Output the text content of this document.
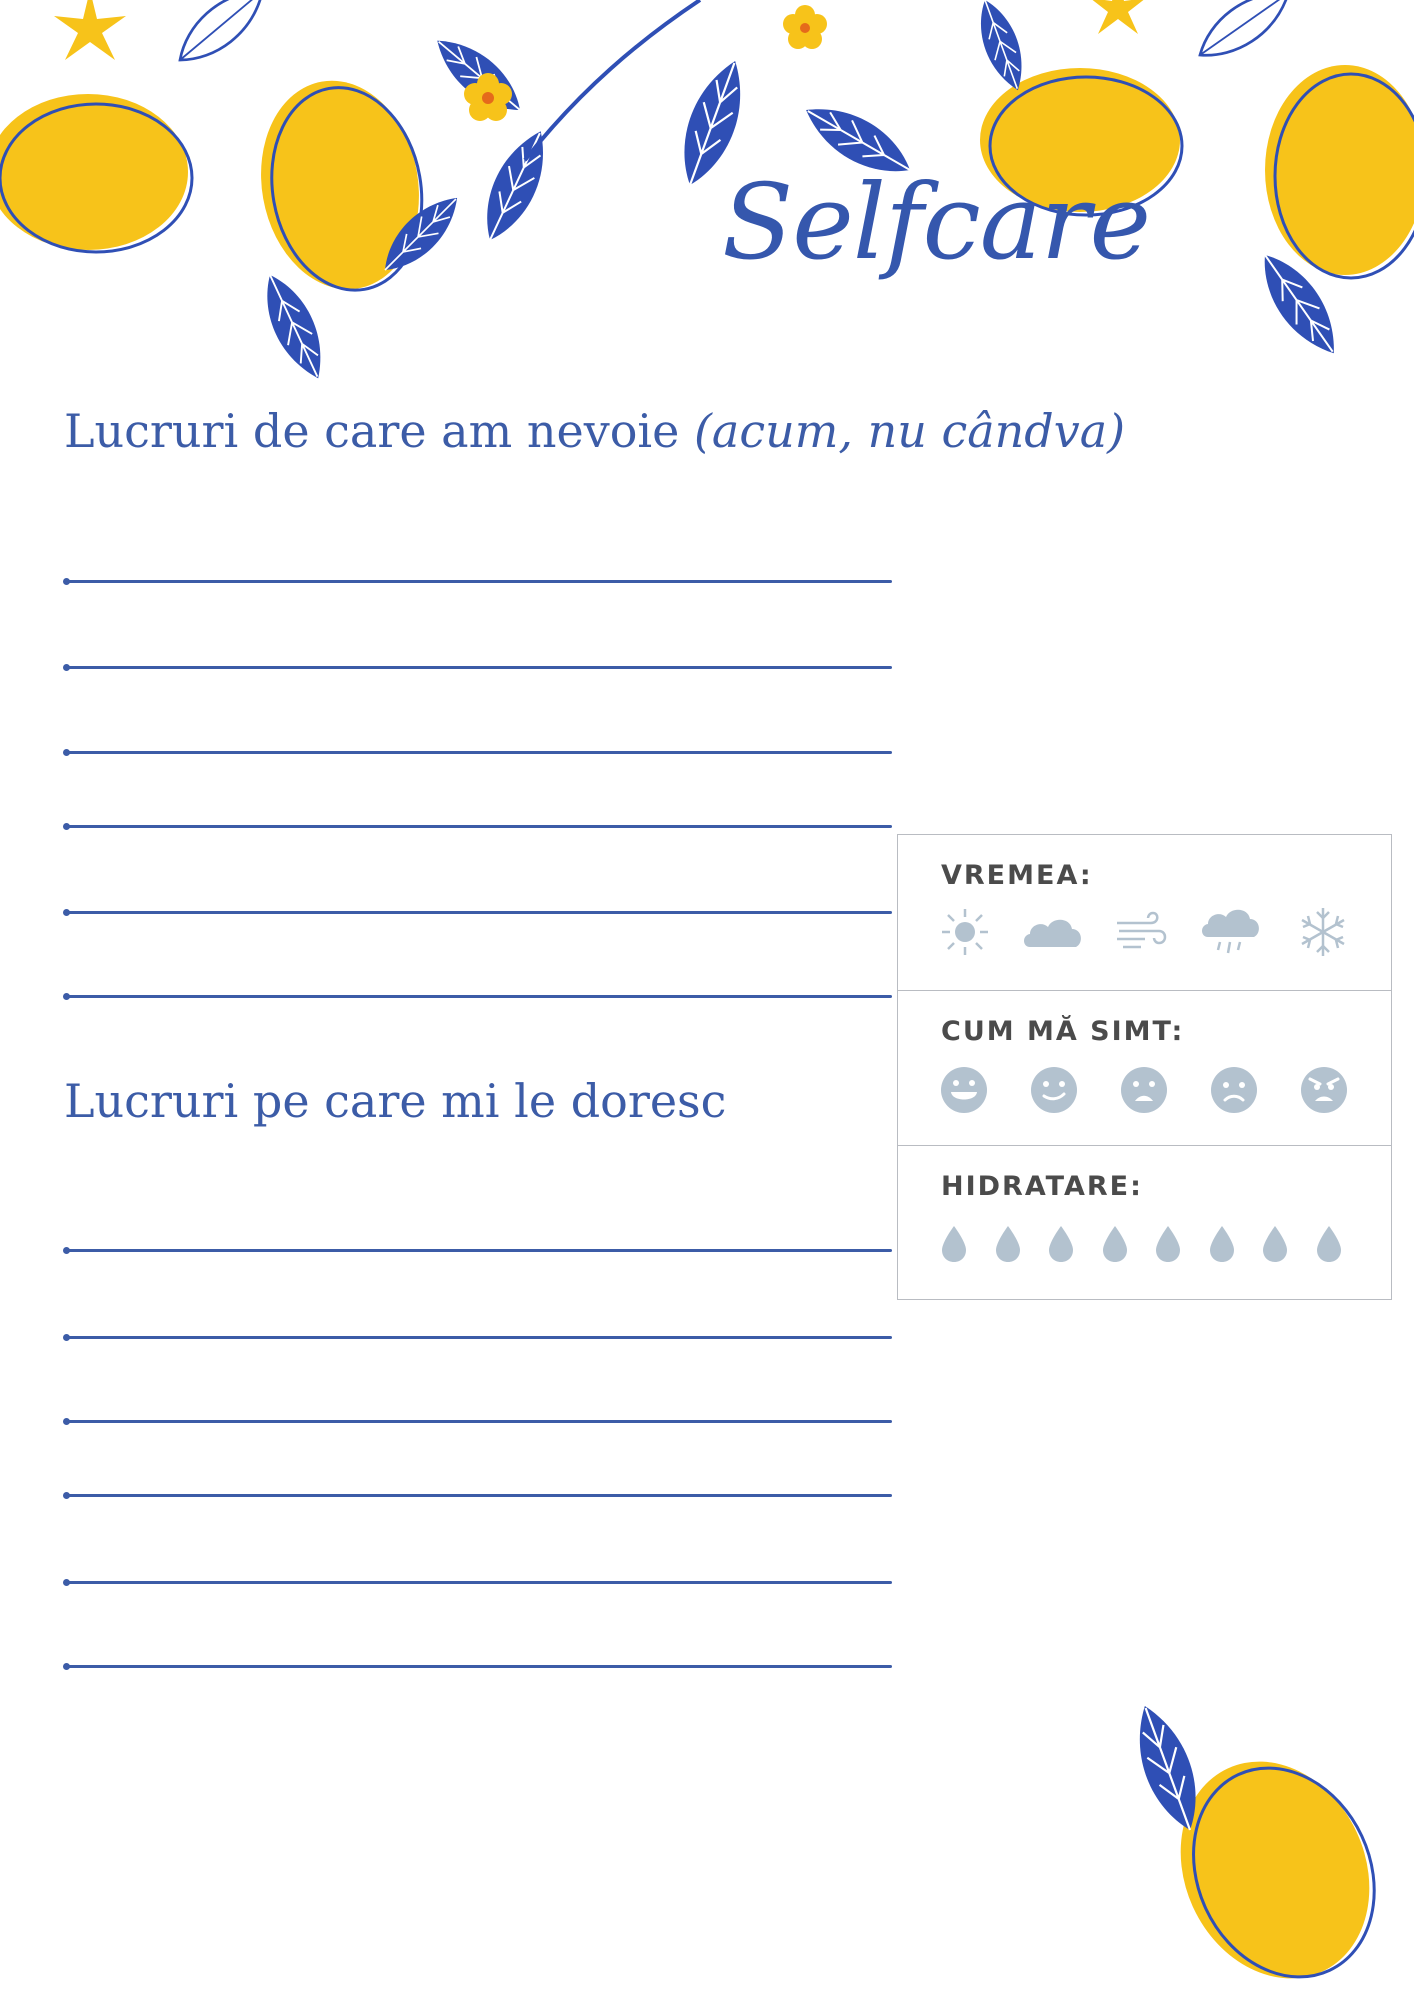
Selfcare
Lucruri de care am nevoie (acum, nu cândva)
Lucruri pe care mi le doresc
VREMEA:
CUM MĂ SIMT:
HIDRATARE:
